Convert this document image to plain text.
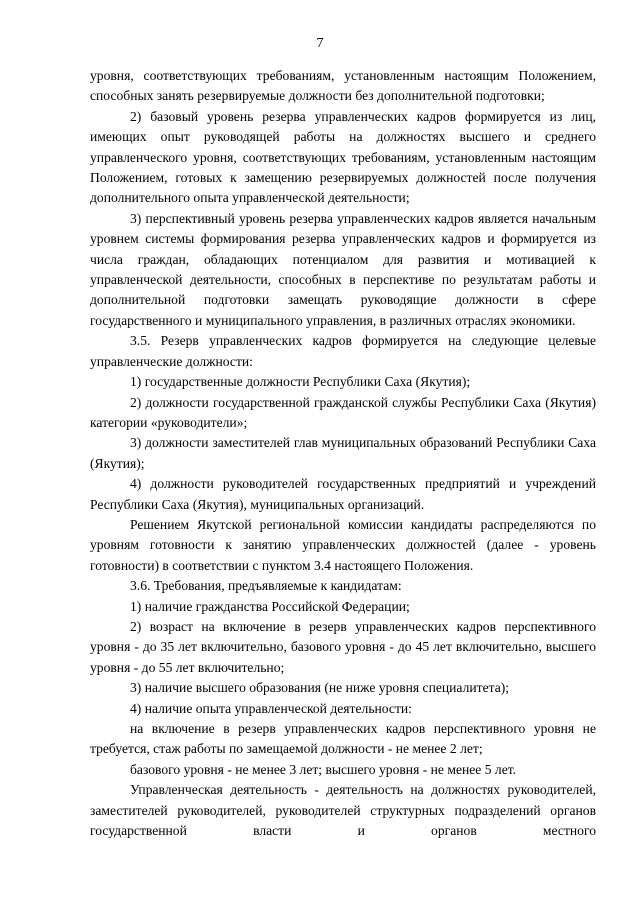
7

уровня, соответствующих требованиям, установленным настоящим Положением, способных занять резервируемые должности без дополнительной подготовки;

2) базовый уровень резерва управленческих кадров формируется из лиц, имеющих опыт руководящей работы на должностях высшего и среднего управленческого уровня, соответствующих требованиям, установленным настоящим Положением, готовых к замещению резервируемых должностей после получения дополнительного опыта управленческой деятельности;

3) перспективный уровень резерва управленческих кадров является начальным уровнем системы формирования резерва управленческих кадров и формируется из числа граждан, обладающих потенциалом для развития и мотивацией к управленческой деятельности, способных в перспективе по результатам работы и дополнительной подготовки замещать руководящие должности в сфере государственного и муниципального управления, в различных отраслях экономики.

3.5. Резерв управленческих кадров формируется на следующие целевые управленческие должности:

1) государственные должности Республики Саха (Якутия);

2) должности государственной гражданской службы Республики Саха (Якутия) категории «руководители»;

3) должности заместителей глав муниципальных образований Республики Саха (Якутия);

4) должности руководителей государственных предприятий и учреждений Республики Саха (Якутия), муниципальных организаций.

Решением Якутской региональной комиссии кандидаты распределяются по уровням готовности к занятию управленческих должностей (далее - уровень готовности) в соответствии с пунктом 3.4 настоящего Положения.

3.6. Требования, предъявляемые к кандидатам:

1) наличие гражданства Российской Федерации;

2) возраст на включение в резерв управленческих кадров перспективного уровня - до 35 лет включительно, базового уровня - до 45 лет включительно, высшего уровня - до 55 лет включительно;

3) наличие высшего образования (не ниже уровня специалитета);

4) наличие опыта управленческой деятельности:

на включение в резерв управленческих кадров перспективного уровня не требуется, стаж работы по замещаемой должности - не менее 2 лет;

базового уровня - не менее 3 лет; высшего уровня - не менее 5 лет.

Управленческая деятельность - деятельность на должностях руководителей, заместителей руководителей, руководителей структурных подразделений органов государственной власти и органов местного
